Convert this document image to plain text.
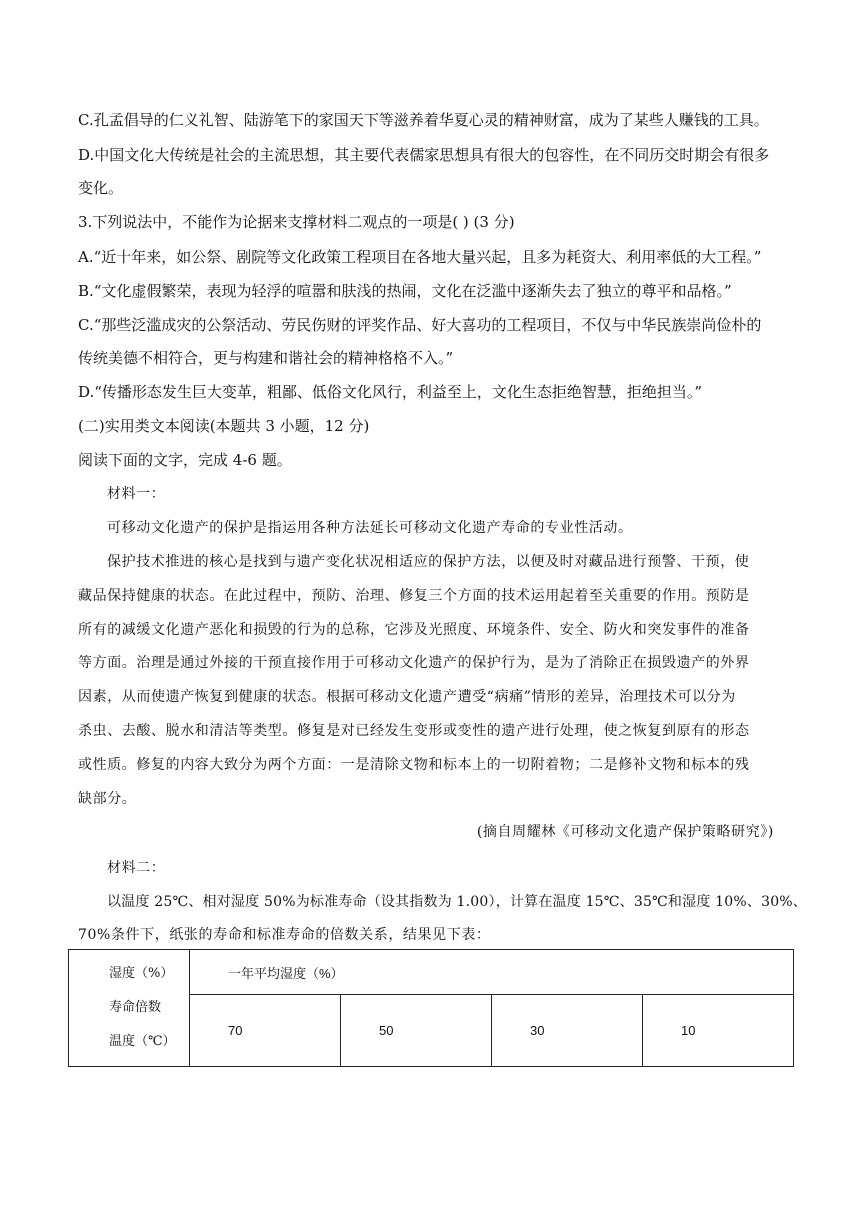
C.孔孟倡导的仁义礼智、陆游笔下的家国天下等滋养着华夏心灵的精神财富，成为了某些人赚钱的工具。
D.中国文化大传统是社会的主流思想，其主要代表儒家思想具有很大的包容性，在不同历交时期会有很多
变化。
3.下列说法中，不能作为论据来支撑材料二观点的一项是( ) (3 分)
A.“近十年来，如公祭、剧院等文化政策工程项目在各地大量兴起，且多为耗资大、利用率低的大工程。”
B.“文化虚假繁荣，表现为轻浮的喧嚣和肤浅的热闹，文化在泛滥中逐渐失去了独立的尊平和品格。”
C.“那些泛滥成灾的公祭活动、劳民伤财的评奖作品、好大喜功的工程项目，不仅与中华民族崇尚俭朴的
传统美德不相符合，更与构建和谐社会的精神格格不入。”
D.“传播形态发生巨大变革，粗鄙、低俗文化风行，利益至上，文化生态拒绝智慧，拒绝担当。”
(二)实用类文本阅读(本题共 3 小题，12 分)
阅读下面的文字，完成 4-6 题。
材料一：
可移动文化遗产的保护是指运用各种方法延长可移动文化遗产寿命的专业性活动。
保护技术推进的核心是找到与遗产变化状况相适应的保护方法，以便及时对藏品进行预警、干预，使
藏品保持健康的状态。在此过程中，预防、治理、修复三个方面的技术运用起着至关重要的作用。预防是
所有的减缓文化遗产恶化和损毁的行为的总称，它涉及光照度、环境条件、安全、防火和突发事件的准备
等方面。治理是通过外接的干预直接作用于可移动文化遗产的保护行为，是为了消除正在损毁遗产的外界
因素，从而使遗产恢复到健康的状态。根据可移动文化遗产遭受“病痛”情形的差异，治理技术可以分为
杀虫、去酸、脱水和清洁等类型。修复是对已经发生变形或变性的遗产进行处理，使之恢复到原有的形态
或性质。修复的内容大致分为两个方面：一是清除文物和标本上的一切附着物；二是修补文物和标本的残
缺部分。
(摘自周耀林《可移动文化遗产保护策略研究》)
材料二：
以温度 25℃、相对湿度 50%为标准寿命（设其指数为 1.00），计算在温度 15℃、35℃和湿度 10%、30%、
70%条件下，纸张的寿命和标准寿命的倍数关系，结果见下表：
湿度（%）
寿命倍数
温度（℃）	一年平均湿度（%）			
	70	50	30	10
